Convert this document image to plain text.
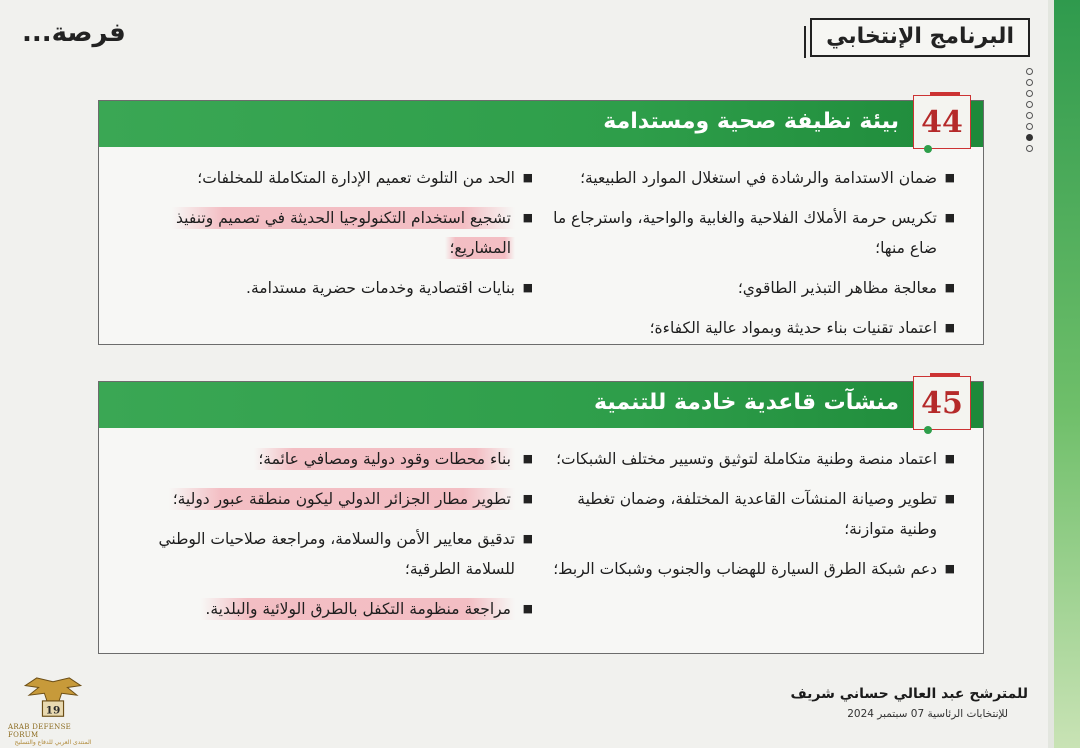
البرنامج الإنتخابي
فرصة...
44
بيئة نظيفة صحية ومستدامة
■ ضمان الاستدامة والرشادة في استغلال الموارد الطبيعية؛
■ تكريس حرمة الأملاك الفلاحية والغابية والواحية، واسترجاع ما ضاع منها؛
■ معالجة مظاهر التبذير الطاقوي؛
■ اعتماد تقنيات بناء حديثة وبمواد عالية الكفاءة؛
■ الحد من التلوث تعميم الإدارة المتكاملة للمخلفات؛
■ تشجيع استخدام التكنولوجيا الحديثة في تصميم وتنفيذ المشاريع؛
■ بنايات اقتصادية وخدمات حضرية مستدامة.
45
منشآت قاعدية خادمة للتنمية
■ اعتماد منصة وطنية متكاملة لتوثيق وتسيير مختلف الشبكات؛
■ تطوير وصيانة المنشآت القاعدية المختلفة، وضمان تغطية وطنية متوازنة؛
■ دعم شبكة الطرق السيارة للهضاب والجنوب وشبكات الربط؛
■ بناء محطات وقود دولية ومصافي عائمة؛
■ تطوير مطار الجزائر الدولي ليكون منطقة عبور دولية؛
■ تدقيق معايير الأمن والسلامة، ومراجعة صلاحيات الوطني للسلامة الطرقية؛
■ مراجعة منظومة التكفل بالطرق الولائية والبلدية.
للمترشح عبد العالي حساني شريف
للإنتخابات الرئاسية 07 سبتمبر 2024
19
ARAB DEFENSE FORUM
المنتدى العربي للدفاع والتسليح
